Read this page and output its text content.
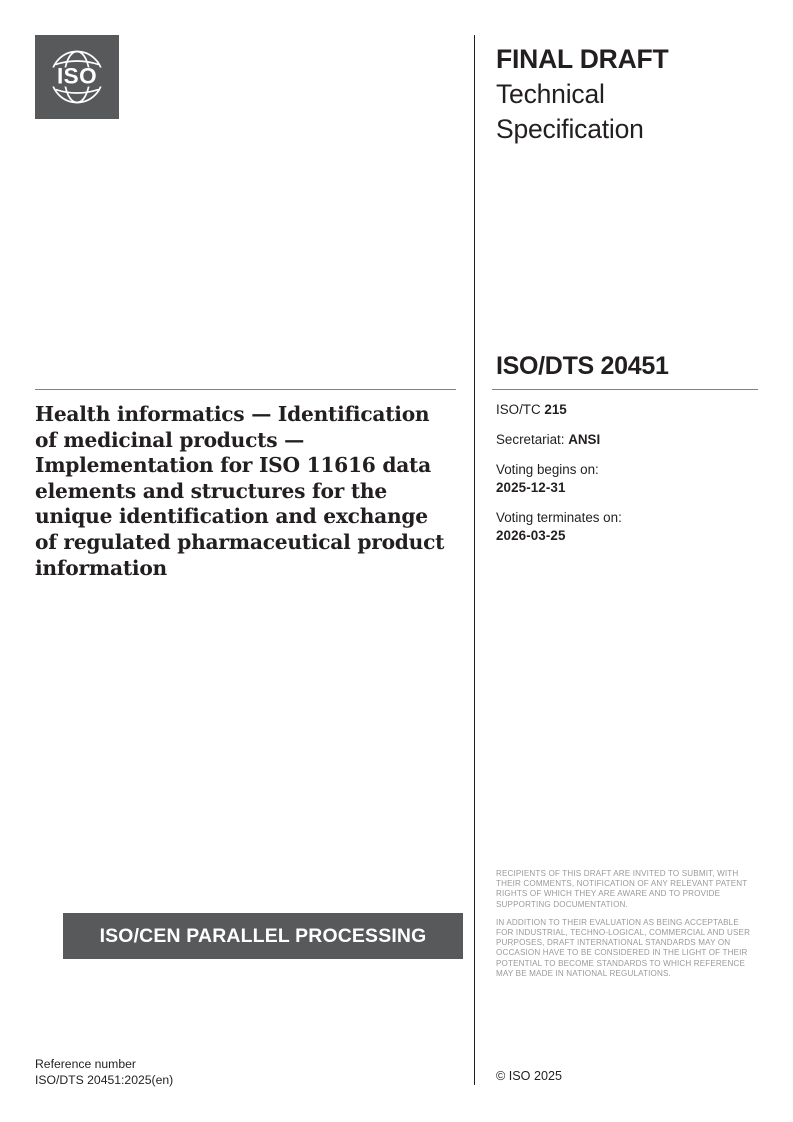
ISO
FINAL DRAFT
Technical
Specification
ISO/DTS 20451
Health informatics — Identification of medicinal products — Implementation for ISO 11616 data elements and structures for the unique identification and exchange of regulated pharmaceutical product information
ISO/TC 215
Secretariat: ANSI
Voting begins on:
2025-12-31
Voting terminates on:
2026-03-25

RECIPIENTS OF THIS DRAFT ARE INVITED TO SUBMIT, WITH THEIR COMMENTS, NOTIFICATION OF ANY RELEVANT PATENT RIGHTS OF WHICH THEY ARE AWARE AND TO PROVIDE SUPPORTING DOCUMENTATION.

IN ADDITION TO THEIR EVALUATION AS BEING ACCEPTABLE FOR INDUSTRIAL, TECHNO-LOGICAL, COMMERCIAL AND USER PURPOSES, DRAFT INTERNATIONAL STANDARDS MAY ON OCCASION HAVE TO BE CONSIDERED IN THE LIGHT OF THEIR POTENTIAL TO BECOME STANDARDS TO WHICH REFERENCE MAY BE MADE IN NATIONAL REGULATIONS.

ISO/CEN PARALLEL PROCESSING
Reference number
ISO/DTS 20451:2025(en)	© ISO 2025
